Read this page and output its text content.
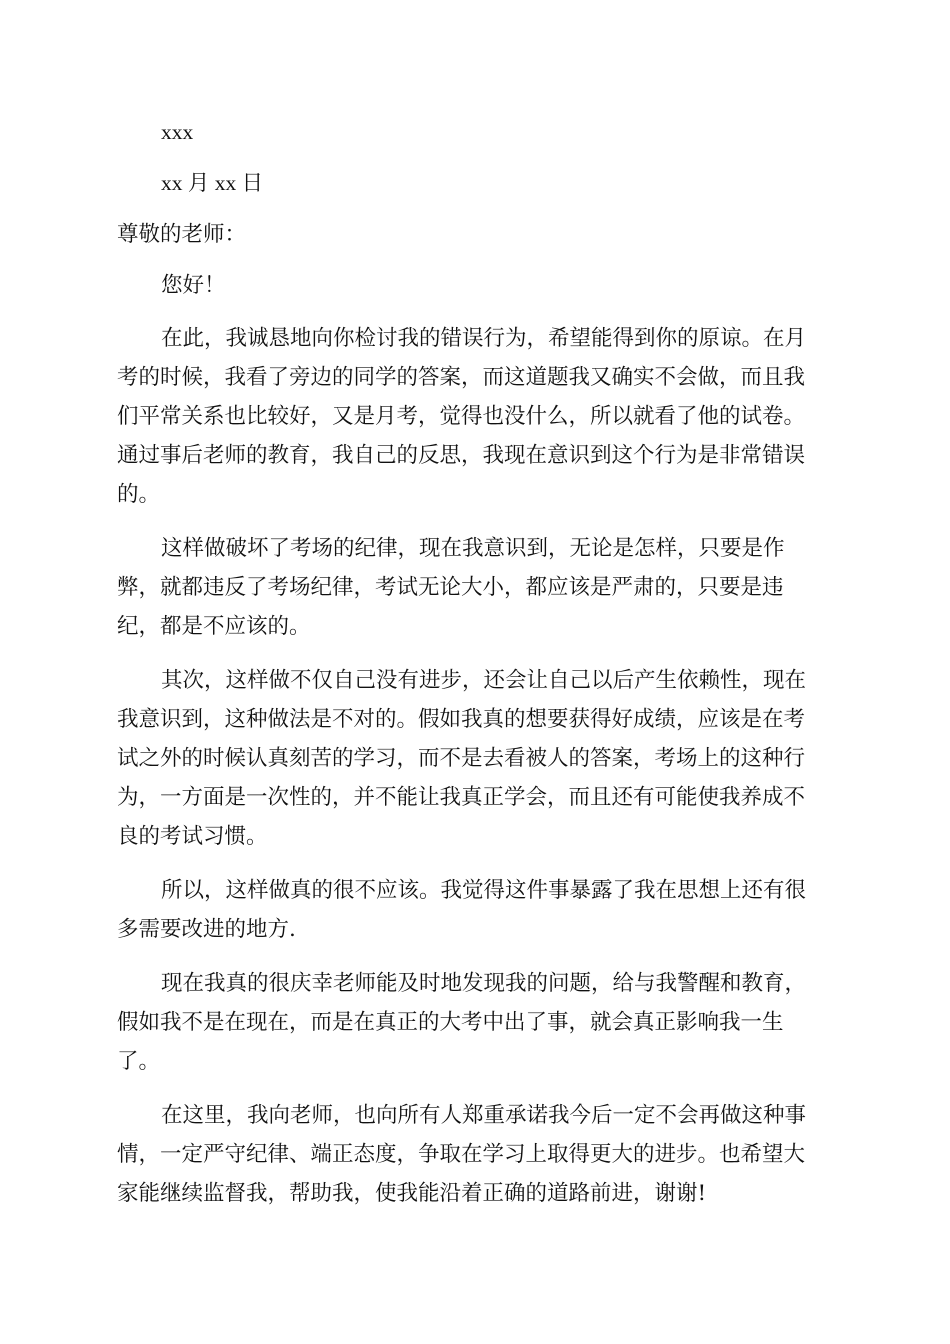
xxx

xx 月 xx 日

尊敬的老师：

您好！

在此，我诚恳地向你检讨我的错误行为，希望能得到你的原谅。在月

考的时候，我看了旁边的同学的答案，而这道题我又确实不会做，而且我

们平常关系也比较好，又是月考，觉得也没什么，所以就看了他的试卷。

通过事后老师的教育，我自己的反思，我现在意识到这个行为是非常错误

的。

这样做破坏了考场的纪律，现在我意识到，无论是怎样，只要是作

弊，就都违反了考场纪律，考试无论大小，都应该是严肃的，只要是违

纪，都是不应该的。

其次，这样做不仅自己没有进步，还会让自己以后产生依赖性，现在

我意识到，这种做法是不对的。假如我真的想要获得好成绩，应该是在考

试之外的时候认真刻苦的学习，而不是去看被人的答案，考场上的这种行

为，一方面是一次性的，并不能让我真正学会，而且还有可能使我养成不

良的考试习惯。

所以，这样做真的很不应该。我觉得这件事暴露了我在思想上还有很

多需要改进的地方.

现在我真的很庆幸老师能及时地发现我的问题，给与我警醒和教育，

假如我不是在现在，而是在真正的大考中出了事，就会真正影响我一生

了。

在这里，我向老师，也向所有人郑重承诺我今后一定不会再做这种事

情，一定严守纪律、端正态度，争取在学习上取得更大的进步。也希望大

家能继续监督我，帮助我，使我能沿着正确的道路前进，谢谢!
